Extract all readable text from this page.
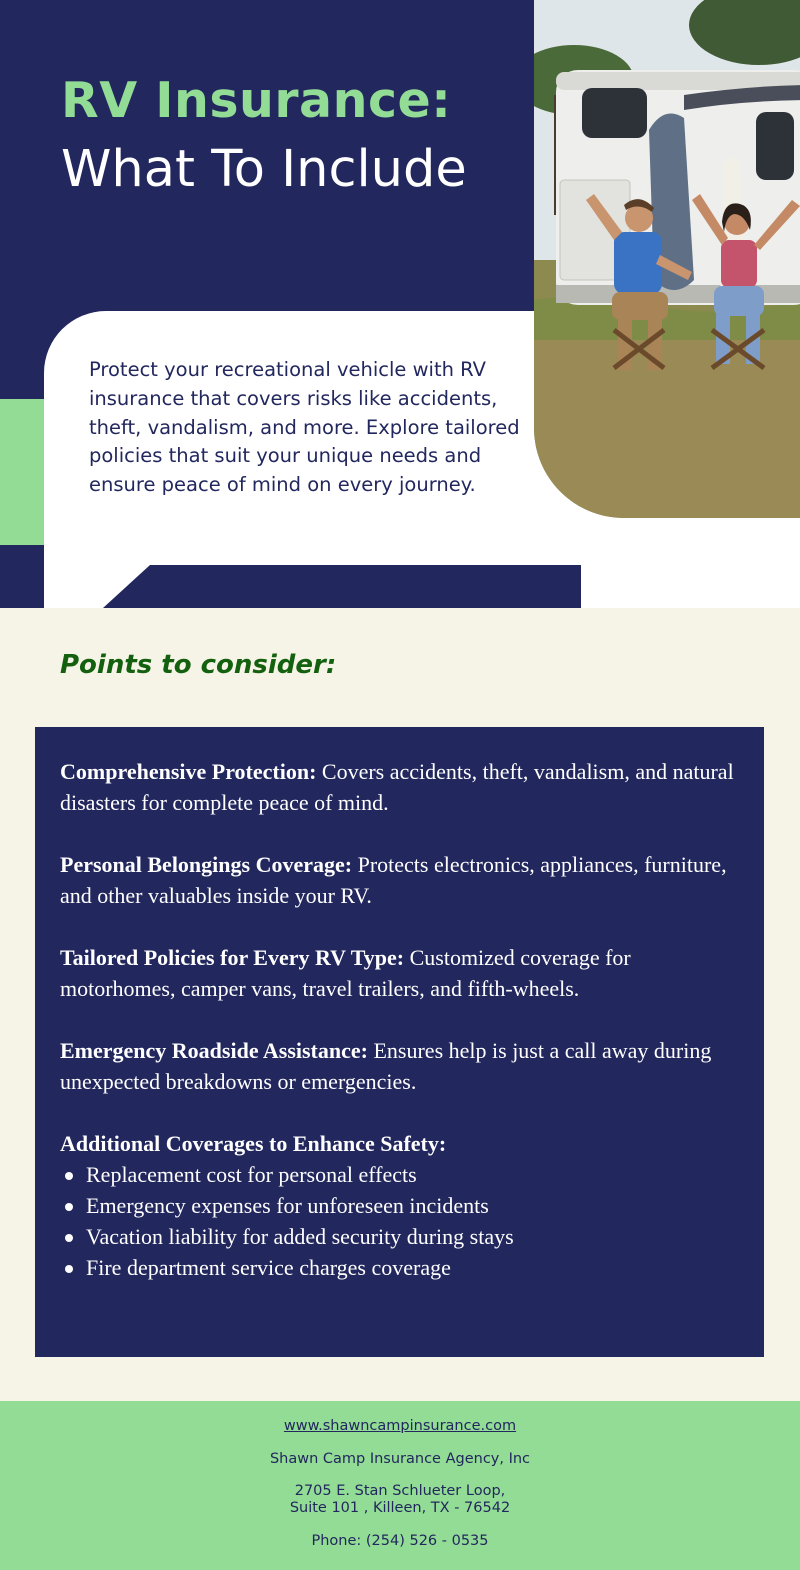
RV Insurance:
What To Include

Protect your recreational vehicle with RV insurance that covers risks like accidents, theft, vandalism, and more. Explore tailored policies that suit your unique needs and ensure peace of mind on every journey.

Points to consider:

Comprehensive Protection: Covers accidents, theft, vandalism, and natural disasters for complete peace of mind.

Personal Belongings Coverage: Protects electronics, appliances, furniture, and other valuables inside your RV.

Tailored Policies for Every RV Type: Customized coverage for motorhomes, camper vans, travel trailers, and fifth-wheels.

Emergency Roadside Assistance: Ensures help is just a call away during unexpected breakdowns or emergencies.

Additional Coverages to Enhance Safety:

Replacement cost for personal effects
Emergency expenses for unforeseen incidents
Vacation liability for added security during stays
Fire department service charges coverage
www.shawncampinsurance.com
Shawn Camp Insurance Agency, Inc
2705 E. Stan Schlueter Loop,
Suite 101 , Killeen, TX - 76542
Phone: (254) 526 - 0535
